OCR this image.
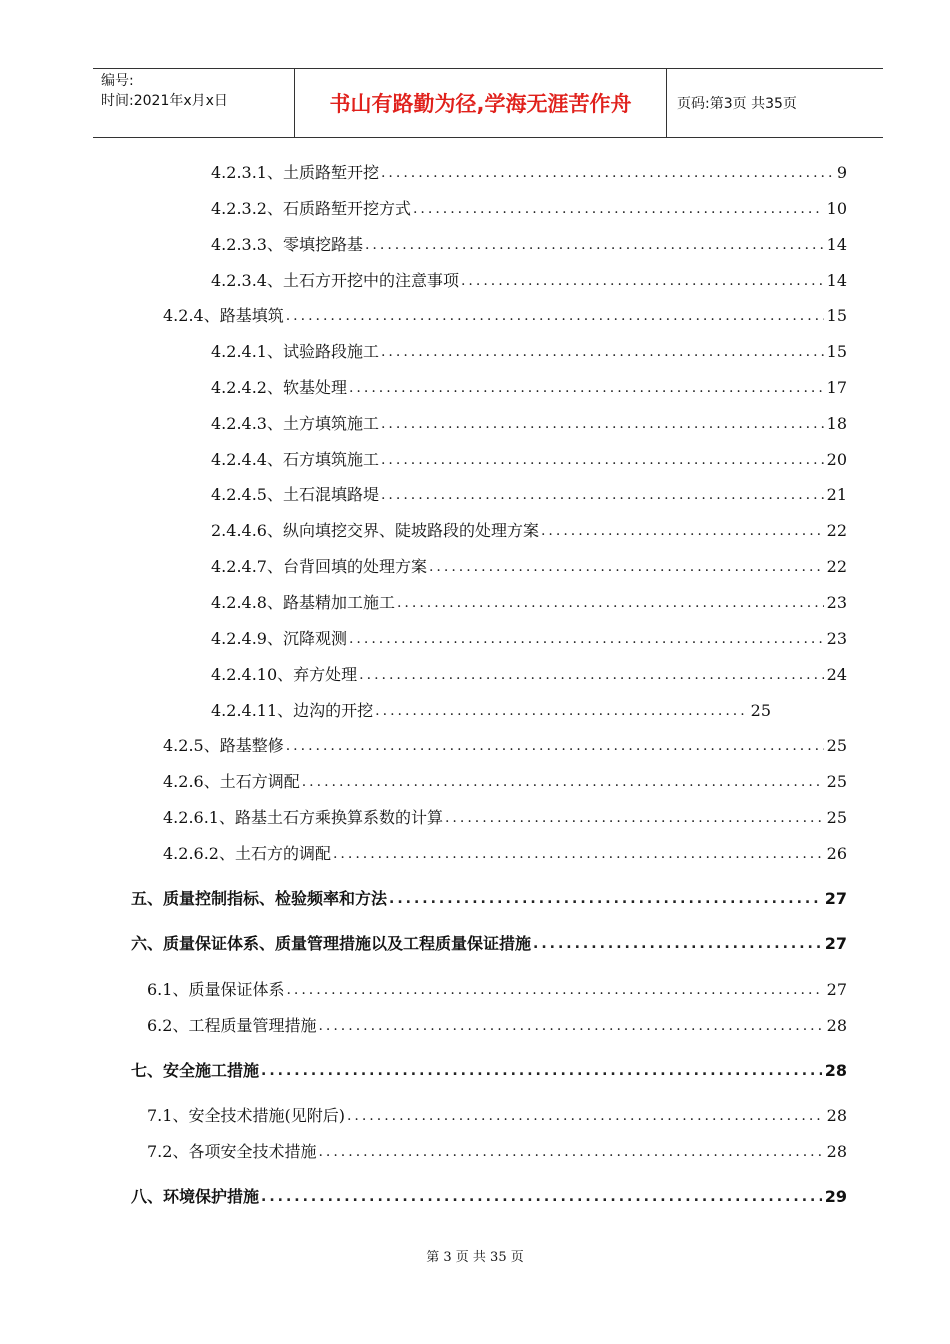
编号:
时间:2021年x月x日	书山有路勤为径,学海无涯苦作舟	页码:第3页 共35页
4.2.3.1、土质路堑开挖 .....	9
4.2.3.2、石质路堑开挖方式 .....	10
4.2.3.3、零填挖路基 .....	14
4.2.3.4、土石方开挖中的注意事项 .....	14
4.2.4、路基填筑 .....	15
4.2.4.1、试验路段施工 .....	15
4.2.4.2、软基处理 .....	17
4.2.4.3、土方填筑施工 .....	18
4.2.4.4、石方填筑施工 .....	20
4.2.4.5、土石混填路堤 .....	21
2.4.4.6、纵向填挖交界、陡坡路段的处理方案 .....	22
4.2.4.7、台背回填的处理方案 .....	22
4.2.4.8、路基精加工施工 .....	23
4.2.4.9、沉降观测 .....	23
4.2.4.10、弃方处理 .....	24
4.2.4.11、边沟的开挖 .....	25
4.2.5、路基整修 .....	25
4.2.6、土石方调配 .....	25
4.2.6.1、路基土石方乘换算系数的计算 .....	25
4.2.6.2、土石方的调配 .....	26
五、质量控制指标、检验频率和方法 .....	27
六、质量保证体系、质量管理措施以及工程质量保证措施 .....	27
6.1、质量保证体系 .....	27
6.2、工程质量管理措施 .....	28
七、安全施工措施 .....	28
7.1、安全技术措施(见附后) .....	28
7.2、各项安全技术措施 .....	28
八、环境保护措施 .....	29
第 3 页 共 35 页
